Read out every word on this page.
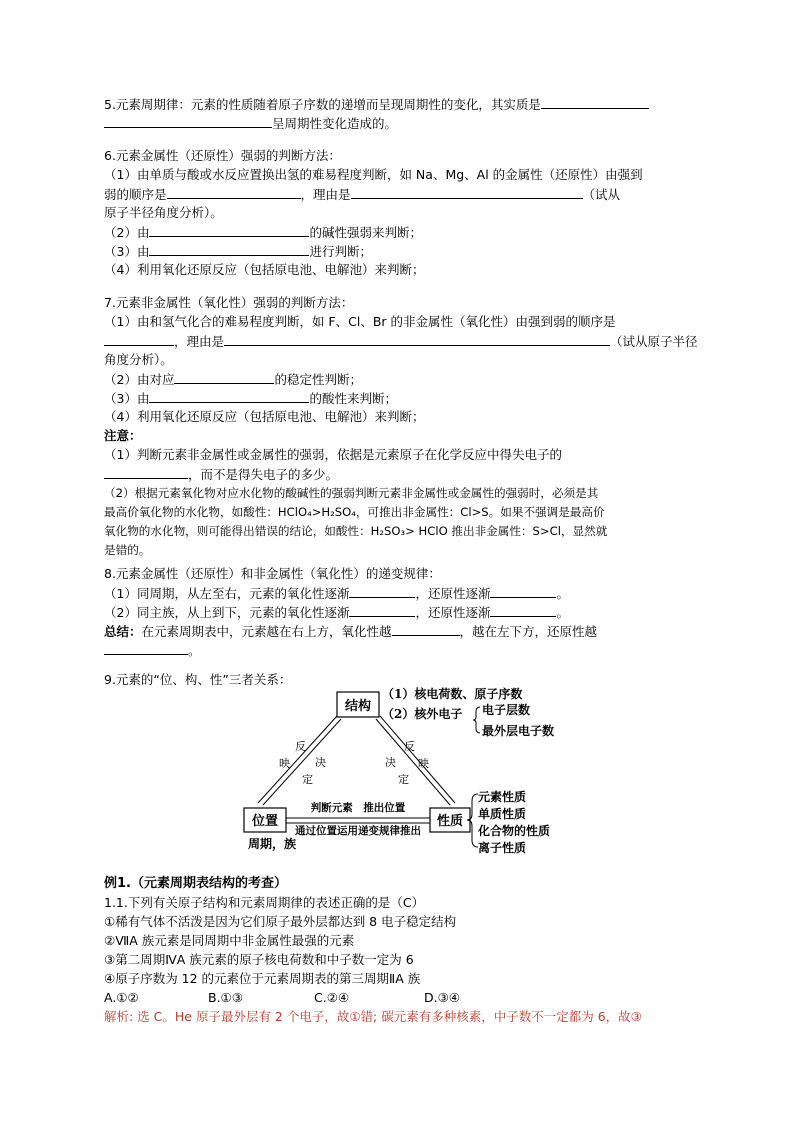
5.元素周期律：元素的性质随着原子序数的递增而呈现周期性的变化，其实质是
呈周期性变化造成的。
6.元素金属性（还原性）强弱的判断方法：
（1）由单质与酸或水反应置换出氢的难易程度判断，如 Na、Mg、Al 的金属性（还原性）由强到
弱的顺序是	，理由是	（试从
原子半径角度分析）。
（2）由	的碱性强弱来判断；
（3）由	进行判断；
（4）利用氧化还原反应（包括原电池、电解池）来判断；
7.元素非金属性（氧化性）强弱的判断方法：
（1）由和氢气化合的难易程度判断，如 F、Cl、Br 的非金属性（氧化性）由强到弱的顺序是
，理由是	（试从原子半径
角度分析）。
（2）由对应	的稳定性判断；
（3）由	的酸性来判断；
（4）利用氧化还原反应（包括原电池、电解池）来判断；
注意：
（1）判断元素非金属性或金属性的强弱，依据是元素原子在化学反应中得失电子的
，而不是得失电子的多少。
（2）根据元素氧化物对应水化物的酸碱性的强弱判断元素非金属性或金属性的强弱时，必须是其
最高价氧化物的水化物，如酸性：HClO₄>H₂SO₄，可推出非金属性：Cl>S。如果不强调是最高价
氧化物的水化物，则可能得出错误的结论，如酸性：H₂SO₃> HClO 推出非金属性：S>Cl，显然就
是错的。
8.元素金属性（还原性）和非金属性（氧化性）的递变规律：
（1）同周期，从左至右，元素的氧化性逐渐	，还原性逐渐	。
（2）同主族，从上到下，元素的氧化性逐渐	，还原性逐渐	。
总结：在元素周期表中，元素越在右上方，氧化性越	，越在左下方，还原性越
。
9.元素的“位、构、性”三者关系：
结构
位置	性质
（1）核电荷数、原子序数
（2）核外电子 电子层数
最外层电子数
反
映 决
定
决
定
反
映
判断元素　推出位置
通过位置运用递变规律推出
周期，族
元素性质
单质性质
化合物的性质
离子性质
例1.（元素周期表结构的考查）
1.1.下列有关原子结构和元素周期律的表述正确的是（C）
①稀有气体不活泼是因为它们原子最外层都达到 8 电子稳定结构
②ⅦA 族元素是同周期中非金属性最强的元素
③第二周期ⅣA 族元素的原子核电荷数和中子数一定为 6
④原子序数为 12 的元素位于元素周期表的第三周期ⅡA 族
A.①②	B.①③	C.②④	D.③④
解析: 选 C。He 原子最外层有 2 个电子，故①错; 碳元素有多种核素，中子数不一定都为 6，故③
